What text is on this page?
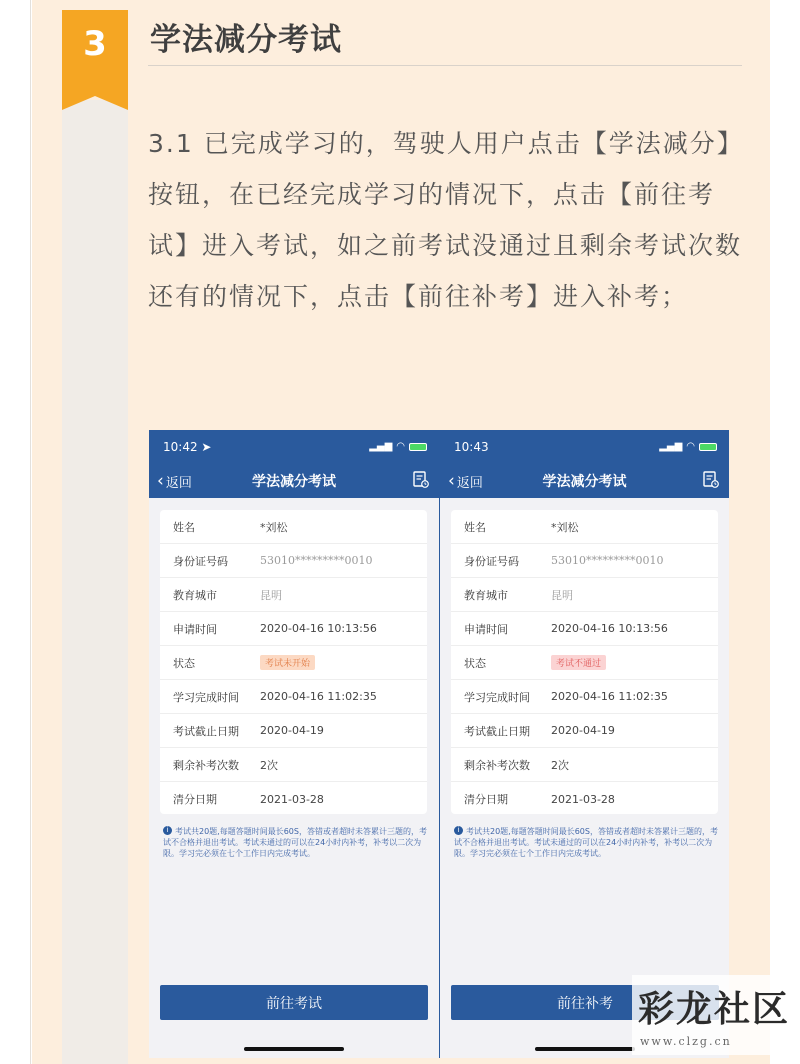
3	学法减分考试
3.1 已完成学习的，驾驶人用户点击【学法减分】按钮，在已经完成学习的情况下，点击【前往考试】进入考试，如之前考试没通过且剩余考试次数还有的情况下，点击【前往补考】进入补考；
10:42 ➤	▂▄▆ ◠
‹ 返回	学法减分考试
姓名	*刘松
身份证号码	53010*********0010
教育城市	昆明
申请时间	2020-04-16 10:13:56
状态	考试未开始
学习完成时间	2020-04-16 11:02:35
考试截止日期	2020-04-19
剩余补考次数	2次
清分日期	2021-03-28
i 考试共20题,每题答题时间最长60S，答错或者超时未答累计三题的，考试不合格并退出考试。考试未通过的可以在24小时内补考，补考以二次为限。学习完必须在七个工作日内完成考试。
前往考试
10:43	▂▄▆ ◠
‹ 返回	学法减分考试
姓名	*刘松
身份证号码	53010*********0010
教育城市	昆明
申请时间	2020-04-16 10:13:56
状态	考试不通过
学习完成时间	2020-04-16 11:02:35
考试截止日期	2020-04-19
剩余补考次数	2次
清分日期	2021-03-28
i 考试共20题,每题答题时间最长60S，答错或者超时未答累计三题的，考试不合格并退出考试。考试未通过的可以在24小时内补考，补考以二次为限。学习完必须在七个工作日内完成考试。
前往补考 彩龙社区
www.clzg.cn
